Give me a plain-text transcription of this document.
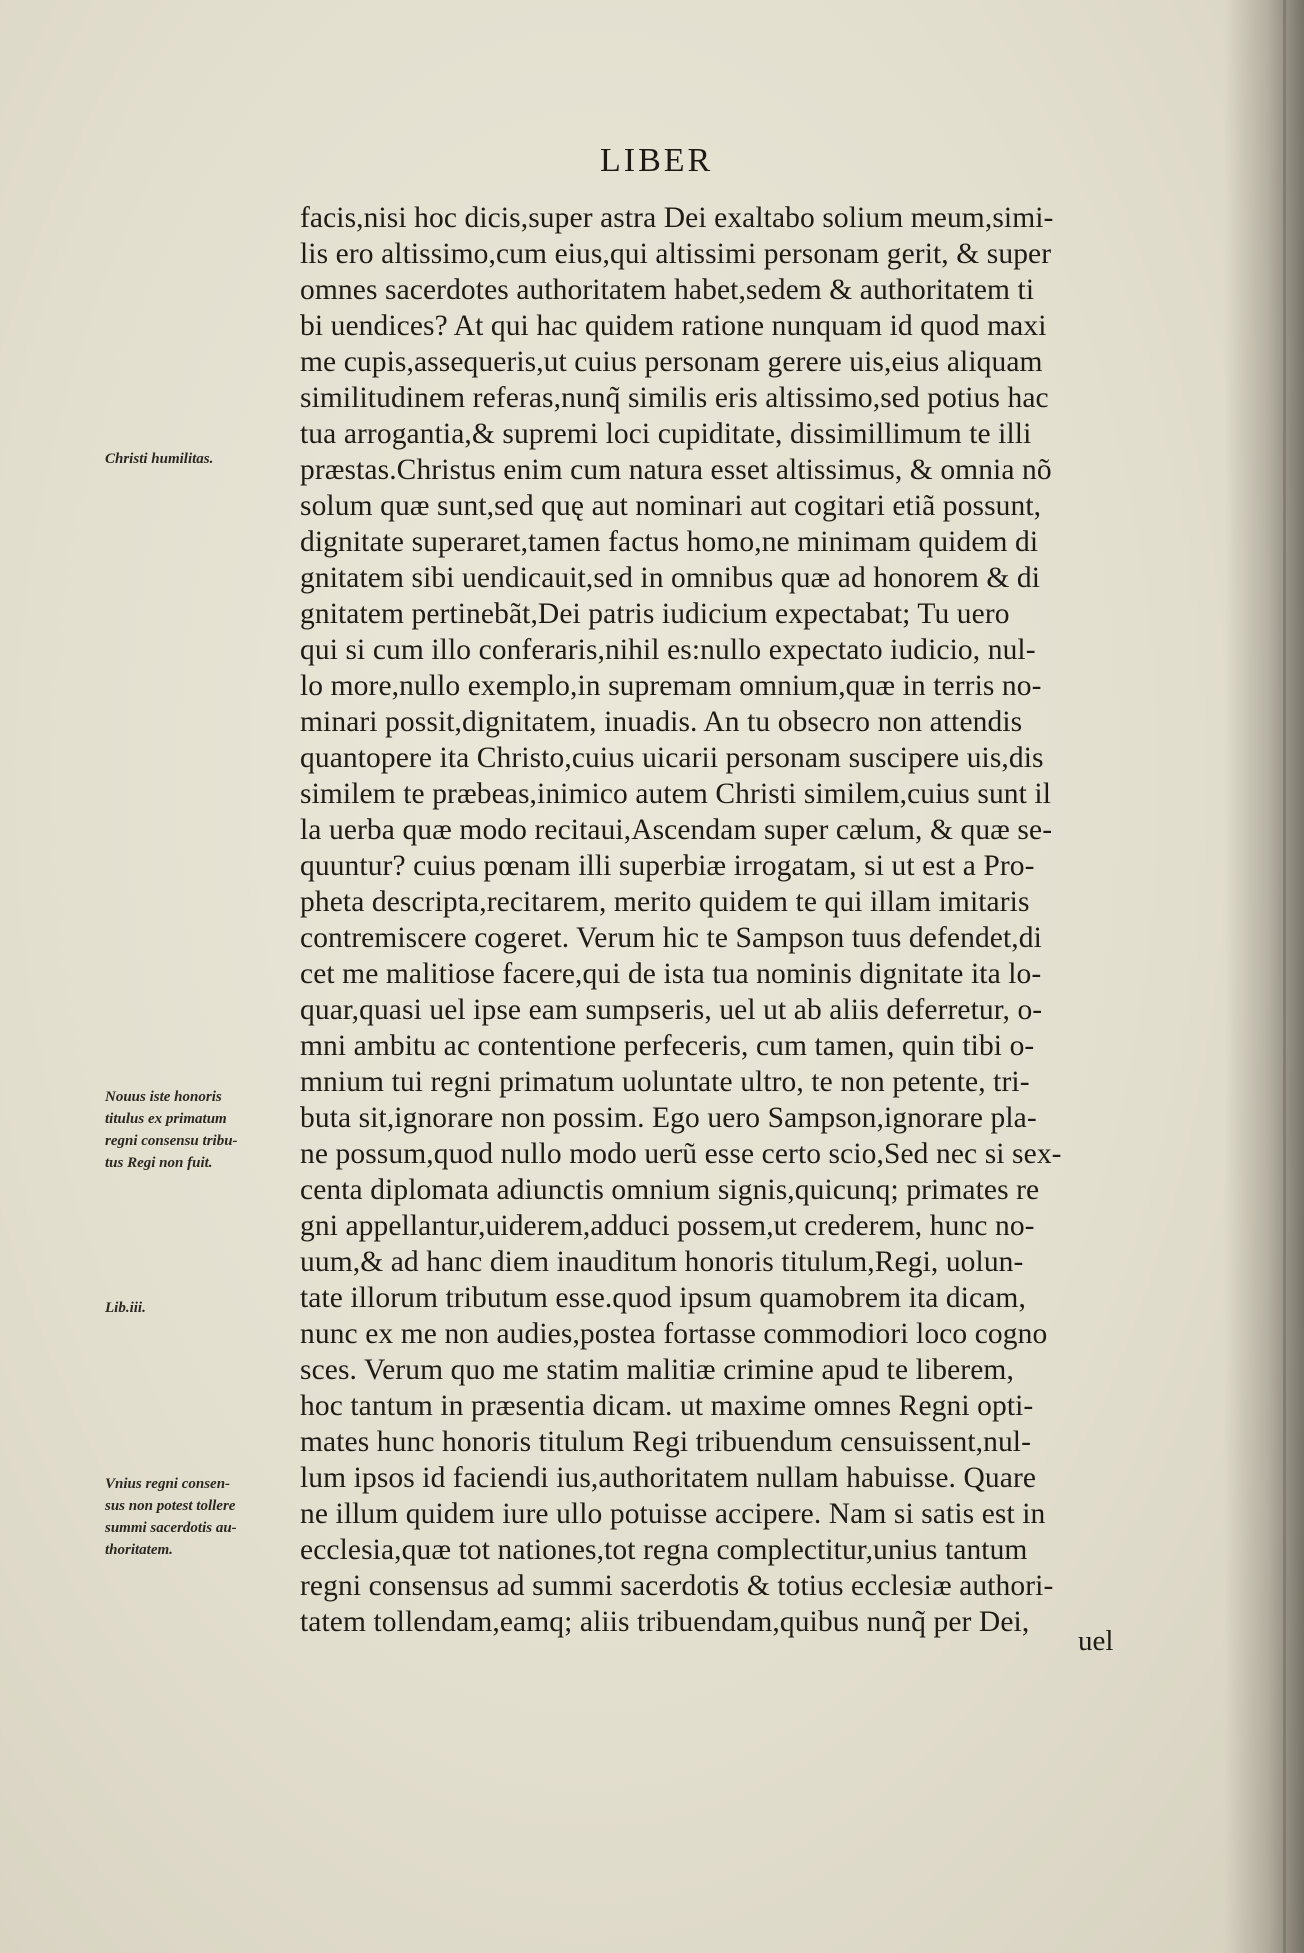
LIBER
facis,nisi hoc dicis,super astra Dei exaltabo solium meum,simi-
lis ero altissimo,cum eius,qui altissimi personam gerit, & super
omnes sacerdotes authoritatem habet,sedem & authoritatem ti
bi uendices? At qui hac quidem ratione nunquam id quod maxi
me cupis,assequeris,ut cuius personam gerere uis,eius aliquam
similitudinem referas,nunq̃ similis eris altissimo,sed potius hac
tua arrogantia,& supremi loci cupiditate, dissimillimum te illi
præstas.Christus enim cum natura esset altissimus, & omnia nõ
solum quæ sunt,sed quę aut nominari aut cogitari etiã possunt,
dignitate superaret,tamen factus homo,ne minimam quidem di
gnitatem sibi uendicauit,sed in omnibus quæ ad honorem & di
gnitatem pertinebãt,Dei patris iudicium expectabat; Tu uero
qui si cum illo conferaris,nihil es:nullo expectato iudicio, nul-
lo more,nullo exemplo,in supremam omnium,quæ in terris no-
minari possit,dignitatem, inuadis. An tu obsecro non attendis
quantopere ita Christo,cuius uicarii personam suscipere uis,dis
similem te præbeas,inimico autem Christi similem,cuius sunt il
la uerba quæ modo recitaui,Ascendam super cælum, & quæ se-
quuntur? cuius pœnam illi superbiæ irrogatam, si ut est a Pro-
pheta descripta,recitarem, merito quidem te qui illam imitaris
contremiscere cogeret. Verum hic te Sampson tuus defendet,di
cet me malitiose facere,qui de ista tua nominis dignitate ita lo-
quar,quasi uel ipse eam sumpseris, uel ut ab aliis deferretur, o-
mni ambitu ac contentione perfeceris, cum tamen, quin tibi o-
mnium tui regni primatum uoluntate ultro, te non petente, tri-
buta sit,ignorare non possim. Ego uero Sampson,ignorare pla-
ne possum,quod nullo modo uerũ esse certo scio,Sed nec si sex-
centa diplomata adiunctis omnium signis,quicunq; primates re
gni appellantur,uiderem,adduci possem,ut crederem, hunc no-
uum,& ad hanc diem inauditum honoris titulum,Regi, uolun-
tate illorum tributum esse.quod ipsum quamobrem ita dicam,
nunc ex me non audies,postea fortasse commodiori loco cogno
sces. Verum quo me statim malitiæ crimine apud te liberem,
hoc tantum in præsentia dicam. ut maxime omnes Regni opti-
mates hunc honoris titulum Regi tribuendum censuissent,nul-
lum ipsos id faciendi ius,authoritatem nullam habuisse. Quare
ne illum quidem iure ullo potuisse accipere. Nam si satis est in
ecclesia,quæ tot nationes,tot regna complectitur,unius tantum
regni consensus ad summi sacerdotis & totius ecclesiæ authori-
tatem tollendam,eamq; aliis tribuendam,quibus nunq̃ per Dei,
uel
Christi humilitas.
Nouus iste honoris
titulus ex primatum
regni consensu tribu-
tus Regi non fuit.
Lib.iii.
Vnius regni consen-
sus non potest tollere
summi sacerdotis au-
thoritatem.
